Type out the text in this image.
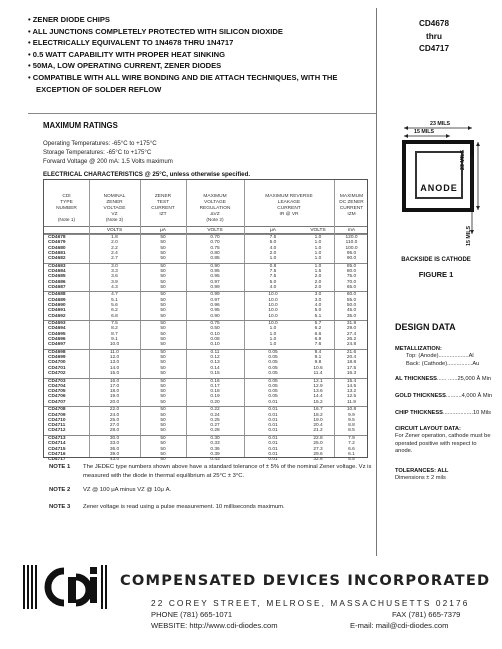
• ZENER DIODE CHIPS
• ALL JUNCTIONS COMPLETELY PROTECTED WITH SILICON DIOXIDE
• ELECTRICALLY EQUIVALENT TO 1N4678 THRU 1N4717
• 0.5 WATT CAPABILITY WITH PROPER HEAT SINKING
• 50ΜA, LOW OPERATING CURRENT, ZENER DIODES
• COMPATIBLE WITH ALL WIRE BONDING AND DIE ATTACH TECHNIQUES, WITH THE EXCEPTION OF SOLDER REFLOW
CD4678
thru
CD4717
MAXIMUM RATINGS
Operating Temperatures: -65°C to +175°C
Storage Temperatures: -65°C to +175°C
Forward Voltage @ 200 mA: 1.5 Volts maximum
ELECTRICAL CHARACTERISTICS @ 25°C, unless otherwise specified.
CDI
TYPE
NUMBER
(Note 1)
NOMINAL
ZENER
VOLTAGE
VZ
(Note 3)
ZENER
TEST
CURRENT
IZT
MAXIMUM
VOLTAGE
REGULATION
ΔVZ
(Note 2)
MAXIMUM REVERSE
LEAKAGE
CURRENT
IR @ VR
MAXIMUM
DC ZENER
CURRENT
IZM
VOLTS	μA	VOLTS	μA	VOLTS	mA
CD4678	1.8	50	0.70	7.5	1.0	120.0
CD4679	2.0	50	0.70	5.0	1.0	110.0
CD4680	2.2	50	0.75	4.0	1.0	100.0
CD4681	2.4	50	0.80	2.0	1.0	95.0
CD4682	2.7	50	0.85	1.0	1.0	90.0
CD4683	3.0	50	0.90	0.8	1.0	85.0
CD4684	3.3	50	0.95	7.5	1.5	80.0
CD4685	3.6	50	0.95	7.5	2.0	75.0
CD4686	3.9	50	0.97	5.0	2.0	70.0
CD4687	4.3	50	0.99	4.0	2.0	65.0
CD4688	4.7	50	0.99	10.0	3.0	60.0
CD4689	5.1	50	0.97	10.0	3.0	55.0
CD4690	5.6	50	0.96	10.0	4.0	50.0
CD4691	6.2	50	0.95	10.0	5.0	45.0
CD4692	6.8	50	0.90	10.0	5.1	35.0
CD4693	7.5	50	0.75	10.0	5.7	31.8
CD4694	8.2	50	0.50	1.0	6.2	29.0
CD4695	8.7	50	0.10	1.0	6.6	27.4
CD4696	9.1	50	0.08	1.0	6.9	26.2
CD4697	10.0	50	0.10	1.0	7.6	24.8
CD4698	11.0	50	0.11	0.05	8.4	21.6
CD4699	12.0	50	0.12	0.05	9.1	20.4
CD4700	13.0	50	0.13	0.05	9.8	18.8
CD4701	14.0	50	0.14	0.05	10.6	17.5
CD4702	15.0	50	0.15	0.05	11.4	16.3
CD4703	16.0	50	0.16	0.05	12.1	15.4
CD4704	17.0	50	0.17	0.05	12.9	14.5
CD4705	18.0	50	0.18	0.05	13.6	13.2
CD4706	19.0	50	0.19	0.05	14.4	12.5
CD4707	20.0	50	0.20	0.01	15.2	11.9
CD4708	22.0	50	0.22	0.01	16.7	10.8
CD4709	24.0	50	0.24	0.01	18.2	9.9
CD4710	25.0	50	0.25	0.01	19.0	9.5
CD4711	27.0	50	0.27	0.01	20.4	8.8
CD4712	28.0	50	0.28	0.01	21.2	8.5
CD4713	30.0	50	0.30	0.01	22.8	7.9
CD4714	33.0	50	0.33	0.01	25.0	7.2
CD4715	36.0	50	0.36	0.01	27.3	6.6
CD4716	39.0	50	0.39	0.01	29.6	6.1
CD4717	43.0	50	0.43	0.01	32.6	5.5
NOTE 1 The JEDEC type numbers shown above have a standard tolerance of ± 5% of the nominal Zener voltage. Vz is measured with the diode in thermal equilibrium at 25°C ± 3°C.
NOTE 2 VZ @ 100 μA minus VZ @ 10μ A.
NOTE 3 Zener voltage is read using a pulse measurement. 10 milliseconds maximum.
23 MILS
15 MILS
23 MILS
15 MILS
ANODE
BACKSIDE IS CATHODE
FIGURE 1
DESIGN DATA
METALLIZATION:
Top: (Anode)...................Al
Back: (Cathode)................Au
AL THICKNESS...... ......25,000 Å Min
GOLD THICKNESS..........4,000 Å Min
CHIP THICKNESS...................10 Mils
CIRCUIT LAYOUT DATA:
For Zener operation, cathode must be operated positive with respect to anode.
TOLERANCES: ALL
Dimensions ± 2 mils
COMPENSATED DEVICES INCORPORATED
22 COREY STREET, MELROSE, MASSACHUSETTS 02176
PHONE (781) 665-1071	FAX (781) 665-7379
WEBSITE: http://www.cdi-diodes.com	E-mail: mail@cdi-diodes.com
